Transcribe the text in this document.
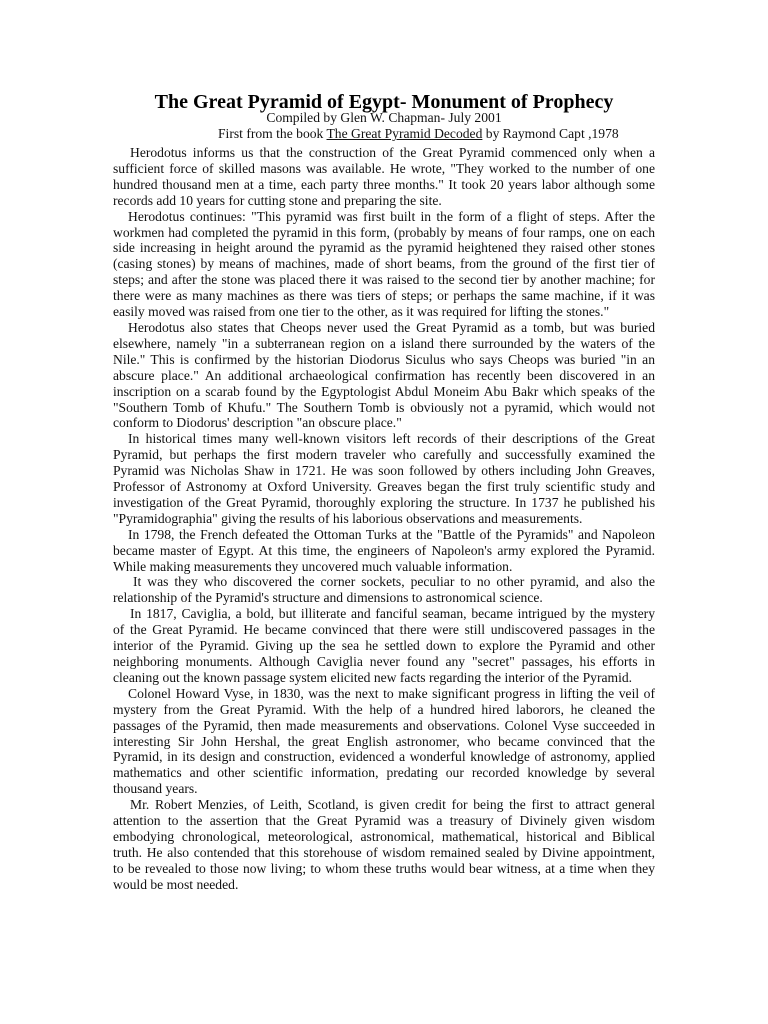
The Great Pyramid of Egypt- Monument of Prophecy
Compiled by Glen W. Chapman- July 2001
First from the book The Great Pyramid Decoded by Raymond Capt ,1978
Herodotus informs us that the construction of the Great Pyramid commenced only when a
sufficient force of skilled masons was available. He wrote, "They worked to the number of one
hundred thousand men at a time, each party three months." It took 20 years labor although some
records add 10 years for cutting stone and preparing the site.
Herodotus continues: "This pyramid was first built in the form of a flight of steps. After the
workmen had completed the pyramid in this form, (probably by means of four ramps, one on each
side increasing in height around the pyramid as the pyramid heightened they raised other stones
(casing stones) by means of machines, made of short beams, from the ground of the first tier of
steps; and after the stone was placed there it was raised to the second tier by another machine; for
there were as many machines as there was tiers of steps; or perhaps the same machine, if it was
easily moved was raised from one tier to the other, as it was required for lifting the stones."
Herodotus also states that Cheops never used the Great Pyramid as a tomb, but was buried
elsewhere, namely "in a subterranean region on a island there surrounded by the waters of the
Nile." This is confirmed by the historian Diodorus Siculus who says Cheops was buried "in an
abscure place." An additional archaeological confirmation has recently been discovered in an
inscription on a scarab found by the Egyptologist Abdul Moneim Abu Bakr which speaks of the
"Southern Tomb of Khufu." The Southern Tomb is obviously not a pyramid, which would not
conform to Diodorus' description "an obscure place."
In historical times many well-known visitors left records of their descriptions of the Great
Pyramid, but perhaps the first modern traveler who carefully and successfully examined the
Pyramid was Nicholas Shaw in 1721. He was soon followed by others including John Greaves,
Professor of Astronomy at Oxford University. Greaves began the first truly scientific study and
investigation of the Great Pyramid, thoroughly exploring the structure. In 1737 he published his
"Pyramidographia" giving the results of his laborious observations and measurements.
In 1798, the French defeated the Ottoman Turks at the "Battle of the Pyramids" and Napoleon
became master of Egypt. At this time, the engineers of Napoleon's army explored the Pyramid.
While making measurements they uncovered much valuable information.
It was they who discovered the corner sockets, peculiar to no other pyramid, and also the
relationship of the Pyramid's structure and dimensions to astronomical science.
In 1817, Caviglia, a bold, but illiterate and fanciful seaman, became intrigued by the mystery
of the Great Pyramid. He became convinced that there were still undiscovered passages in the
interior of the Pyramid. Giving up the sea he settled down to explore the Pyramid and other
neighboring monuments. Although Caviglia never found any "secret" passages, his efforts in
cleaning out the known passage system elicited new facts regarding the interior of the Pyramid.
Colonel Howard Vyse, in 1830, was the next to make significant progress in lifting the veil of
mystery from the Great Pyramid. With the help of a hundred hired laborors, he cleaned the
passages of the Pyramid, then made measurements and observations. Colonel Vyse succeeded in
interesting Sir John Hershal, the great English astronomer, who became convinced that the
Pyramid, in its design and construction, evidenced a wonderful knowledge of astronomy, applied
mathematics and other scientific information, predating our recorded knowledge by several
thousand years.
Mr. Robert Menzies, of Leith, Scotland, is given credit for being the first to attract general
attention to the assertion that the Great Pyramid was a treasury of Divinely given wisdom
embodying chronological, meteorological, astronomical, mathematical, historical and Biblical
truth. He also contended that this storehouse of wisdom remained sealed by Divine appointment,
to be revealed to those now living; to whom these truths would bear witness, at a time when they
would be most needed.
